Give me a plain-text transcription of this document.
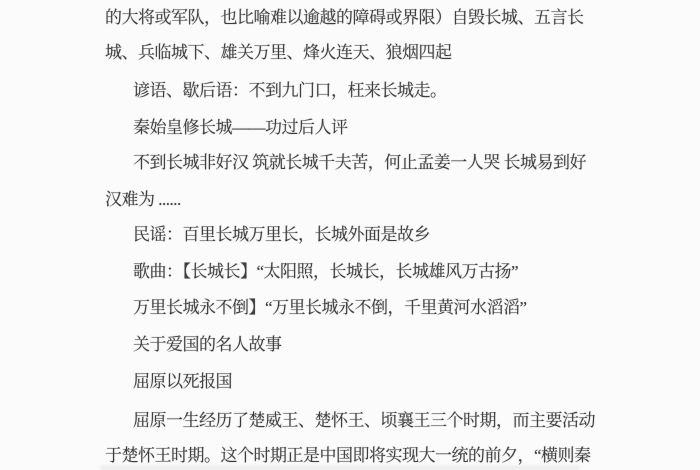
的大将或军队，也比喻难以逾越的障碍或界限）自毁长城、五言长
城、兵临城下、雄关万里、烽火连天、狼烟四起
谚语、歇后语：不到九门口，枉来长城走。
秦始皇修长城——功过后人评
不到长城非好汉 筑就长城千夫苦，何止孟姜一人哭 长城易到好
汉难为 ......
民谣：百里长城万里长，长城外面是故乡
歌曲：【长城长】“太阳照，长城长，长城雄风万古扬”
万里长城永不倒】“万里长城永不倒，千里黄河水滔滔”
关于爱国的名人故事
屈原以死报国
屈原一生经历了楚威王、楚怀王、顷襄王三个时期，而主要活动
于楚怀王时期。这个时期正是中国即将实现大一统的前夕，“横则秦
